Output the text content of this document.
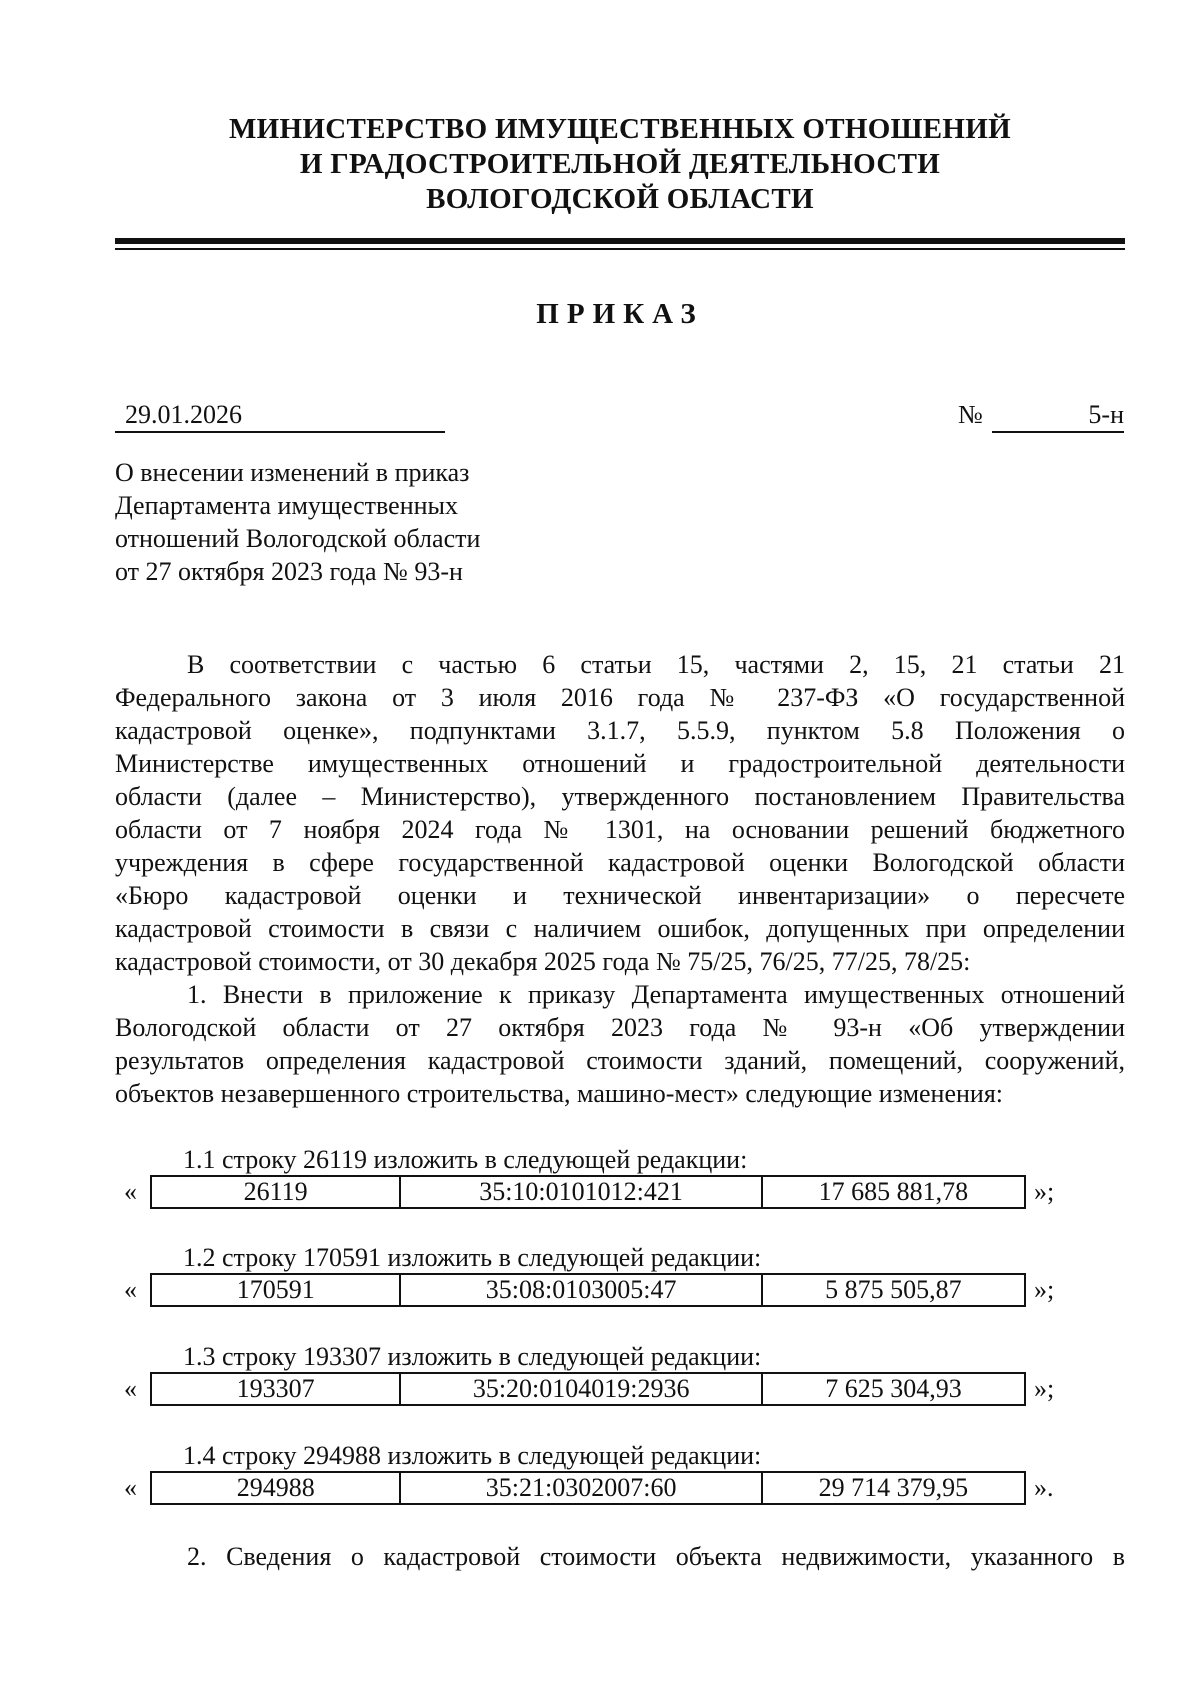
МИНИСТЕРСТВО ИМУЩЕСТВЕННЫХ ОТНОШЕНИЙ
И ГРАДОСТРОИТЕЛЬНОЙ ДЕЯТЕЛЬНОСТИ
ВОЛОГОДСКОЙ ОБЛАСТИ
ПРИКАЗ
29.01.2026	№	5-н
О внесении изменений в приказ
Департамента имущественных
отношений Вологодской области
от 27 октября 2023 года № 93-н
В соответствии с частью 6 статьи 15, частями 2, 15, 21 статьи 21
Федерального закона от 3 июля 2016 года № 237-ФЗ «О государственной
кадастровой оценке», подпунктами 3.1.7, 5.5.9, пунктом 5.8 Положения о
Министерстве имущественных отношений и градостроительной деятельности
области (далее – Министерство), утвержденного постановлением Правительства
области от 7 ноября 2024 года № 1301, на основании решений бюджетного
учреждения в сфере государственной кадастровой оценки Вологодской области
«Бюро кадастровой оценки и технической инвентаризации» о пересчете
кадастровой стоимости в связи с наличием ошибок, допущенных при определении
кадастровой стоимости, от 30 декабря 2025 года № 75/25, 76/25, 77/25, 78/25:
1. Внести в приложение к приказу Департамента имущественных отношений
Вологодской области от 27 октября 2023 года № 93-н «Об утверждении
результатов определения кадастровой стоимости зданий, помещений, сооружений,
объектов незавершенного строительства, машино-мест» следующие изменения:
1.1 строку 26119 изложить в следующей редакции:
«	26119	35:10:0101012:421	17 685 881,78	»;
1.2 строку 170591 изложить в следующей редакции:
«	170591	35:08:0103005:47	5 875 505,87	»;
1.3 строку 193307 изложить в следующей редакции:
«	193307	35:20:0104019:2936	7 625 304,93	»;
1.4 строку 294988 изложить в следующей редакции:
«	294988	35:21:0302007:60	29 714 379,95	».
2. Сведения о кадастровой стоимости объекта недвижимости, указанного в
